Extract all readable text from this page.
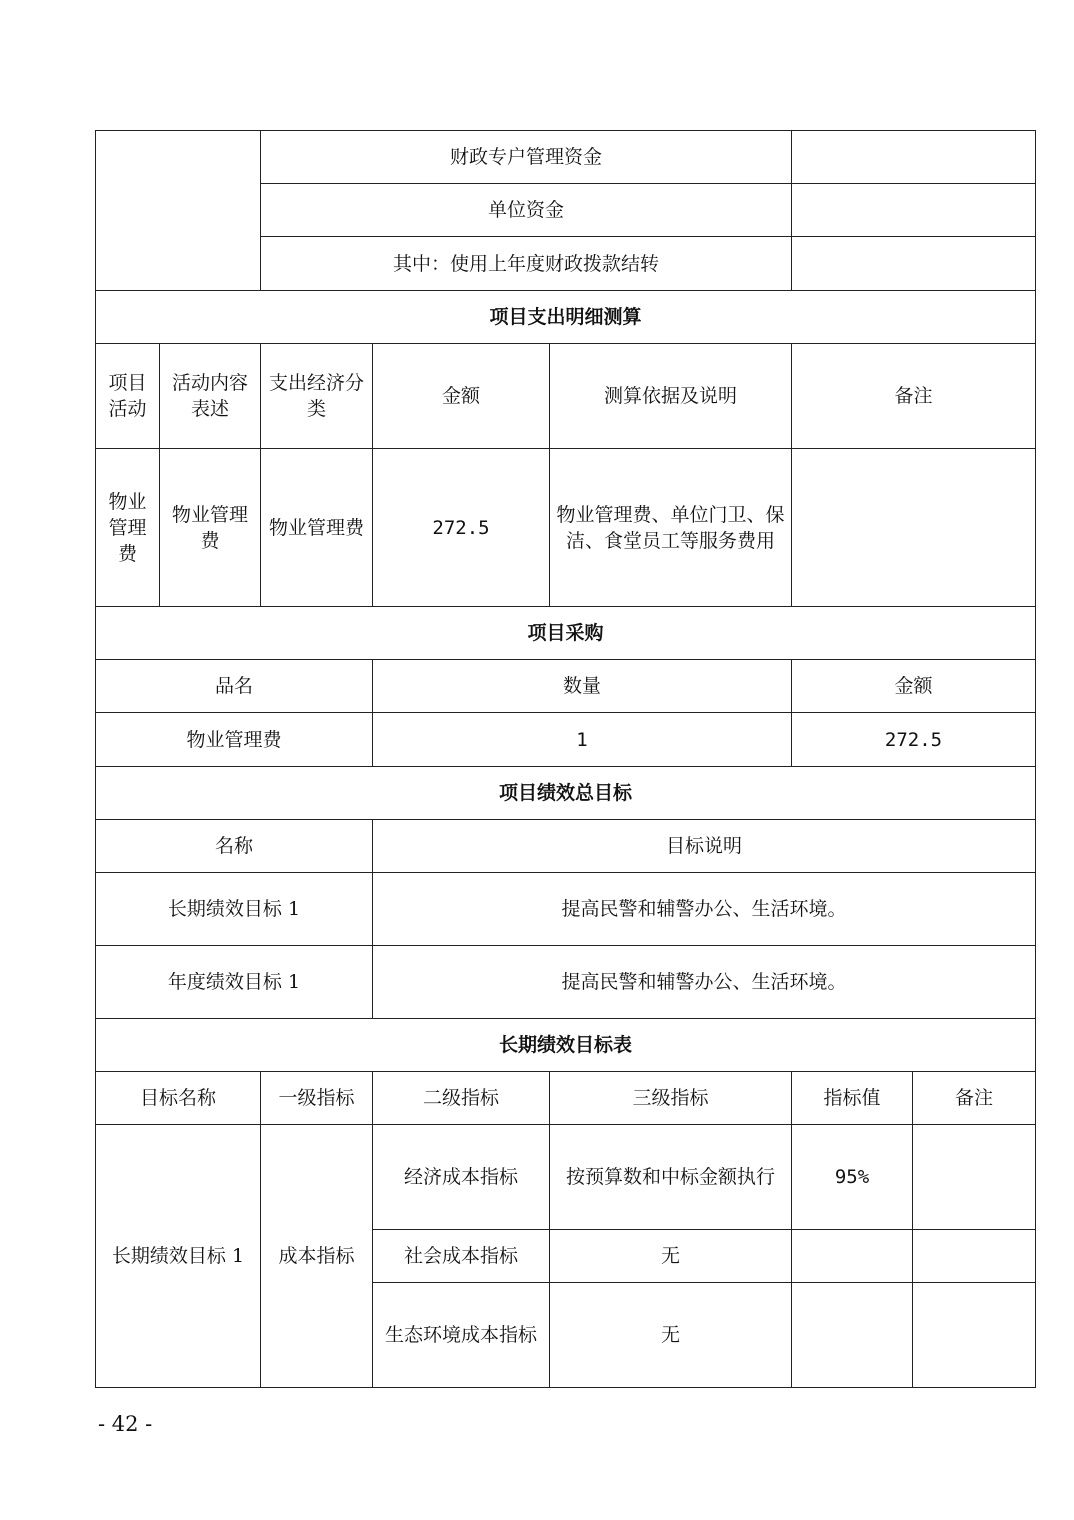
		财政专户管理资金				
		单位资金				
		其中：使用上年度财政拨款结转				
项目支出明细测算						
项目活动	活动内容表述	支出经济分类	金额	测算依据及说明	备注	
物业管理费	物业管理费	物业管理费	272.5	物业管理费、单位门卫、保洁、食堂员工等服务费用		
项目采购						
品名			数量		金额	
物业管理费			1		272.5	
项目绩效总目标						
名称			目标说明			
长期绩效目标 1			提高民警和辅警办公、生活环境。			
年度绩效目标 1			提高民警和辅警办公、生活环境。			
长期绩效目标表						
目标名称		一级指标	二级指标	三级指标	指标值	备注
长期绩效目标 1		成本指标	经济成本指标	按预算数和中标金额执行	95%	
			社会成本指标	无		
			生态环境成本指标	无		
- 42 -
